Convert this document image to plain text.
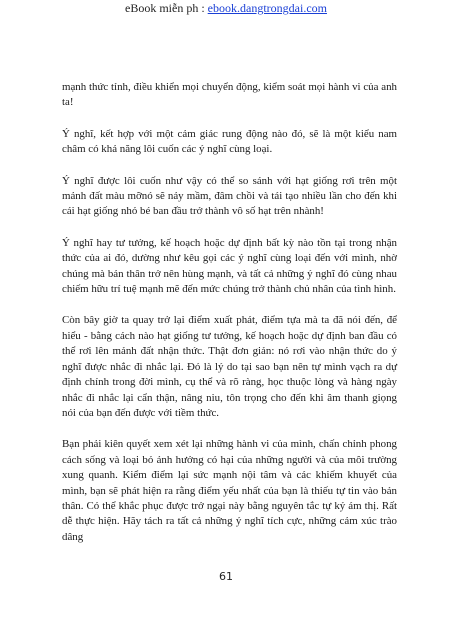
eBook miễn ph : ebook.dangtrongdai.com

mạnh thức tỉnh, điều khiển mọi chuyển động, kiểm soát mọi hành vi của anh ta!

Ý nghĩ, kết hợp với một cảm giác rung động nào đó, sẽ là một kiểu nam châm có khả năng lôi cuốn các ý nghĩ cùng loại.

Ý nghĩ được lôi cuốn như vậy có thể so sánh với hạt giống rơi trên một mảnh đất màu mỡnó sẽ nảy mầm, đâm chồi và tái tạo nhiều lần cho đến khi cái hạt giống nhỏ bé ban đầu trở thành vô số hạt trên nhành!

Ý nghĩ hay tư tưởng, kế hoạch hoặc dự định bất kỳ nào tồn tại trong nhận thức của ai đó, dường như kêu gọi các ý nghĩ cùng loại đến với mình, nhờ chúng mà bản thân trở nên hùng mạnh, và tất cả những ý nghĩ đó cùng nhau chiếm hữu trí tuệ mạnh mẽ đến mức chúng trở thành chủ nhân của tình hình.

Còn bây giờ ta quay trở lại điểm xuất phát, điểm tựa mà ta đã nói đến, để hiểu - bằng cách nào hạt giống tư tưởng, kế hoạch hoặc dự định ban đầu có thể rơi lên mảnh đất nhận thức. Thật đơn giản: nó rơi vào nhận thức do ý nghĩ được nhắc đi nhắc lại. Đó là lý do tại sao bạn nên tự mình vạch ra dự định chính trong đời mình, cụ thể và rõ ràng, học thuộc lòng và hàng ngày nhắc đi nhắc lại cẩn thận, nâng niu, tôn trọng cho đến khi âm thanh giọng nói của bạn đến được với tiềm thức.

Bạn phải kiên quyết xem xét lại những hành vi của mình, chấn chỉnh phong cách sống và loại bỏ ảnh hưởng có hại của những người và của môi trường xung quanh. Kiểm điểm lại sức mạnh nội tâm và các khiếm khuyết của mình, bạn sẽ phát hiện ra rằng điểm yếu nhất của bạn là thiếu tự tin vào bản thân. Có thể khắc phục được trở ngại này bằng nguyên tắc tự kỷ ám thị. Rất dễ thực hiện. Hãy tách ra tất cả những ý nghĩ tích cực, những cảm xúc trào dâng

61
